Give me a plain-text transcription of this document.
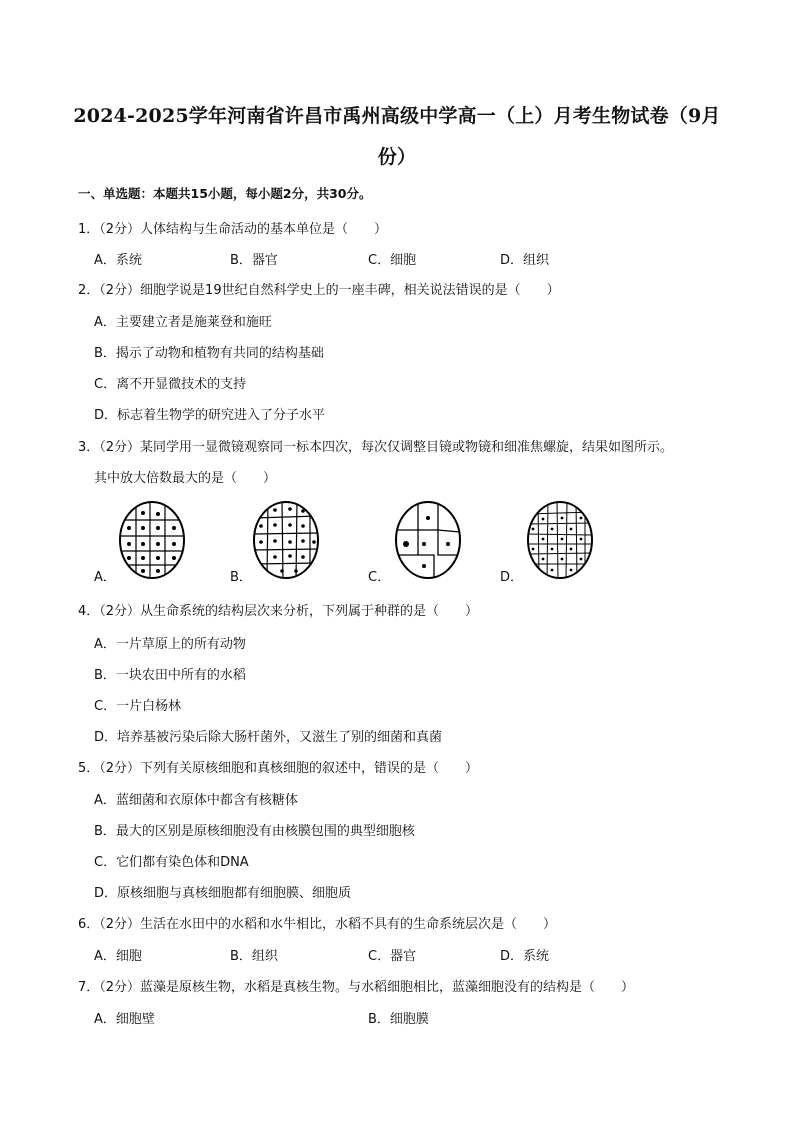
2024-2025学年河南省许昌市禹州高级中学高一（上）月考生物试卷（9月
份）
一、单选题：本题共15小题，每小题2分，共30分。
1．（2分）人体结构与生命活动的基本单位是（　　）
A．系统	B．器官	C．细胞	D．组织
2．（2分）细胞学说是19世纪自然科学史上的一座丰碑，相关说法错误的是（　　）
A．主要建立者是施莱登和施旺
B．揭示了动物和植物有共同的结构基础
C．离不开显微技术的支持
D．标志着生物学的研究进入了分子水平
3．（2分）某同学用一显微镜观察同一标本四次，每次仅调整目镜或物镜和细准焦螺旋，结果如图所示。
其中放大倍数最大的是（　　）
A．	B．	C．	D．
4．（2分）从生命系统的结构层次来分析，下列属于种群的是（　　）
A．一片草原上的所有动物
B．一块农田中所有的水稻
C．一片白杨林
D．培养基被污染后除大肠杆菌外，又滋生了别的细菌和真菌
5．（2分）下列有关原核细胞和真核细胞的叙述中，错误的是（　　）
A．蓝细菌和衣原体中都含有核糖体
B．最大的区别是原核细胞没有由核膜包围的典型细胞核
C．它们都有染色体和DNA
D．原核细胞与真核细胞都有细胞膜、细胞质
6．（2分）生活在水田中的水稻和水牛相比，水稻不具有的生命系统层次是（　　）
A．细胞	B．组织	C．器官	D．系统
7．（2分）蓝藻是原核生物，水稻是真核生物。与水稻细胞相比，蓝藻细胞没有的结构是（　　）
A．细胞壁	B．细胞膜
